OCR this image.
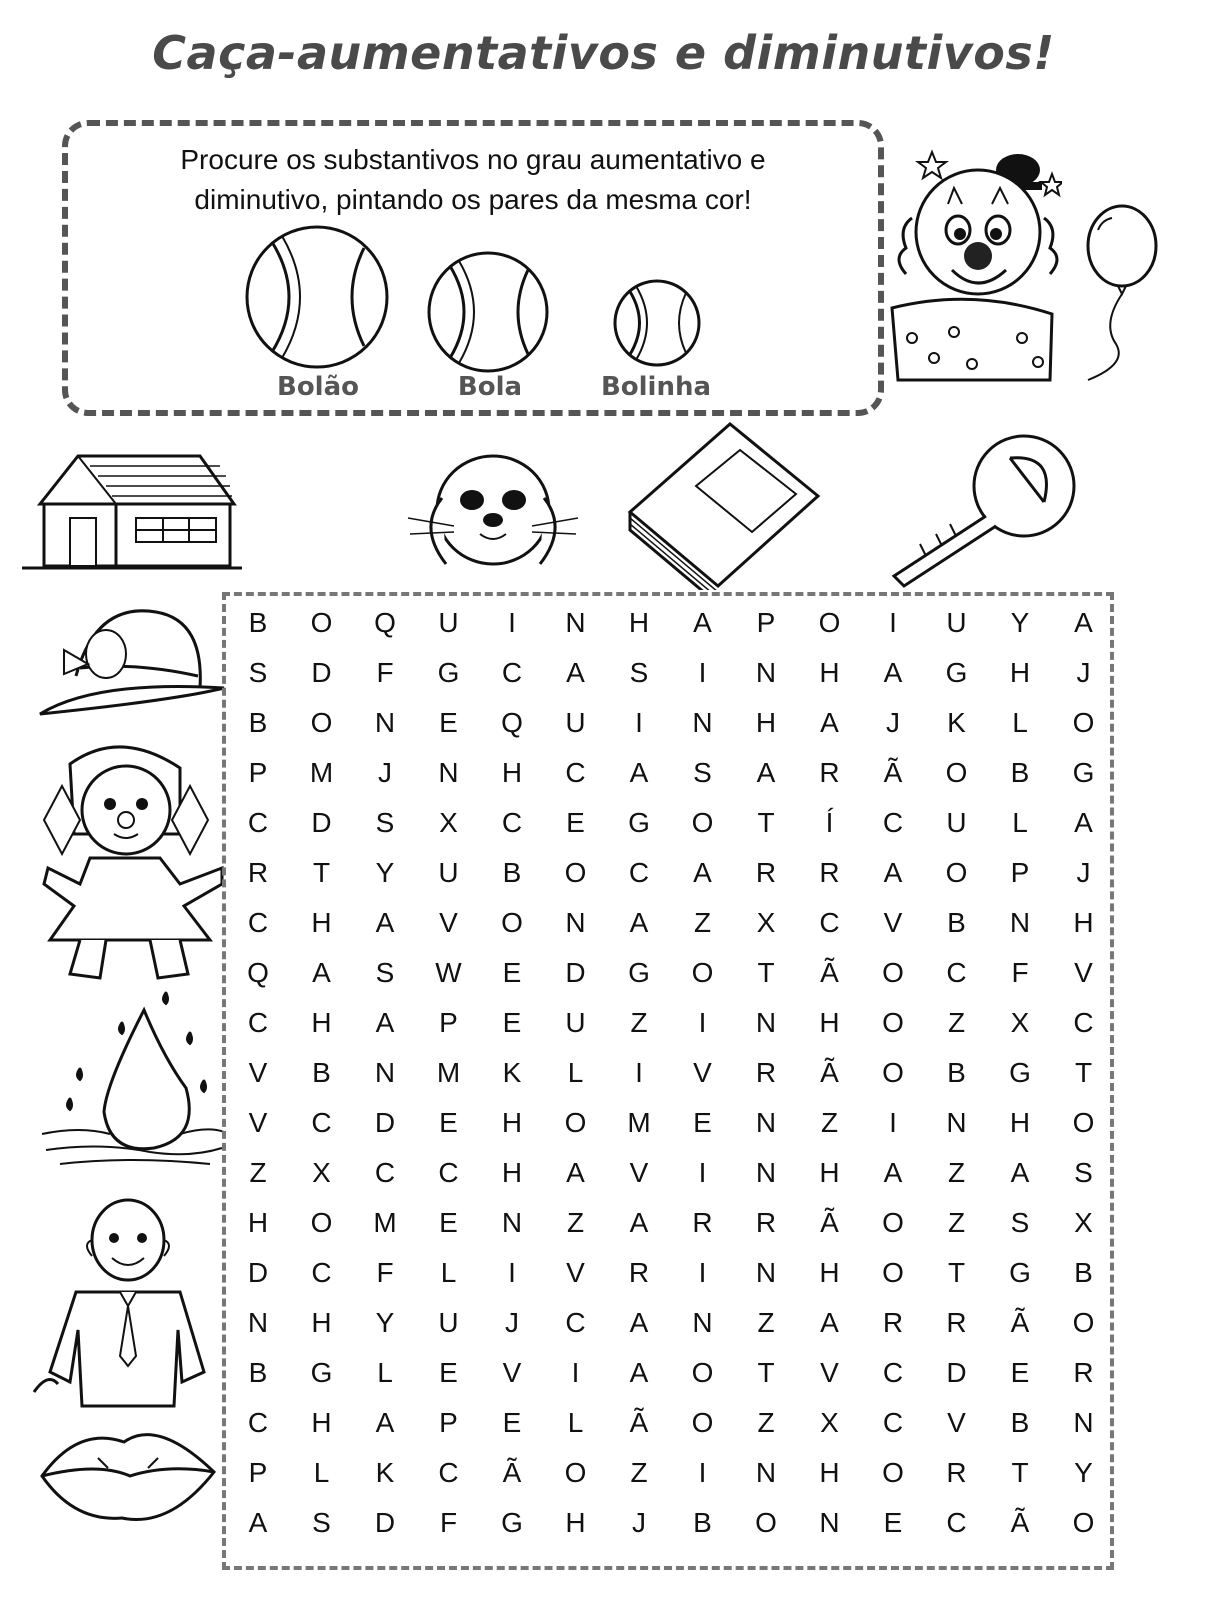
Caça-aumentativos e diminutivos!
Procure os substantivos no grau aumentativo e
diminutivo, pintando os pares da mesma cor!
Bolão	Bola	Bolinha
B	O	Q	U	I	N	H	A	P	O	I	U	Y	A
S	D	F	G	C	A	S	I	N	H	A	G	H	J
B	O	N	E	Q	U	I	N	H	A	J	K	L	O
P	M	J	N	H	C	A	S	A	R	Ã	O	B	G
C	D	S	X	C	E	G	O	T	Í	C	U	L	A
R	T	Y	U	B	O	C	A	R	R	A	O	P	J
C	H	A	V	O	N	A	Z	X	C	V	B	N	H
Q	A	S	W	E	D	G	O	T	Ã	O	C	F	V
C	H	A	P	E	U	Z	I	N	H	O	Z	X	C
V	B	N	M	K	L	I	V	R	Ã	O	B	G	T
V	C	D	E	H	O	M	E	N	Z	I	N	H	O
Z	X	C	C	H	A	V	I	N	H	A	Z	A	S
H	O	M	E	N	Z	A	R	R	Ã	O	Z	S	X
D	C	F	L	I	V	R	I	N	H	O	T	G	B
N	H	Y	U	J	C	A	N	Z	A	R	R	Ã	O
B	G	L	E	V	I	A	O	T	V	C	D	E	R
C	H	A	P	E	L	Ã	O	Z	X	C	V	B	N
P	L	K	C	Ã	O	Z	I	N	H	O	R	T	Y
A	S	D	F	G	H	J	B	O	N	E	C	Ã	O
